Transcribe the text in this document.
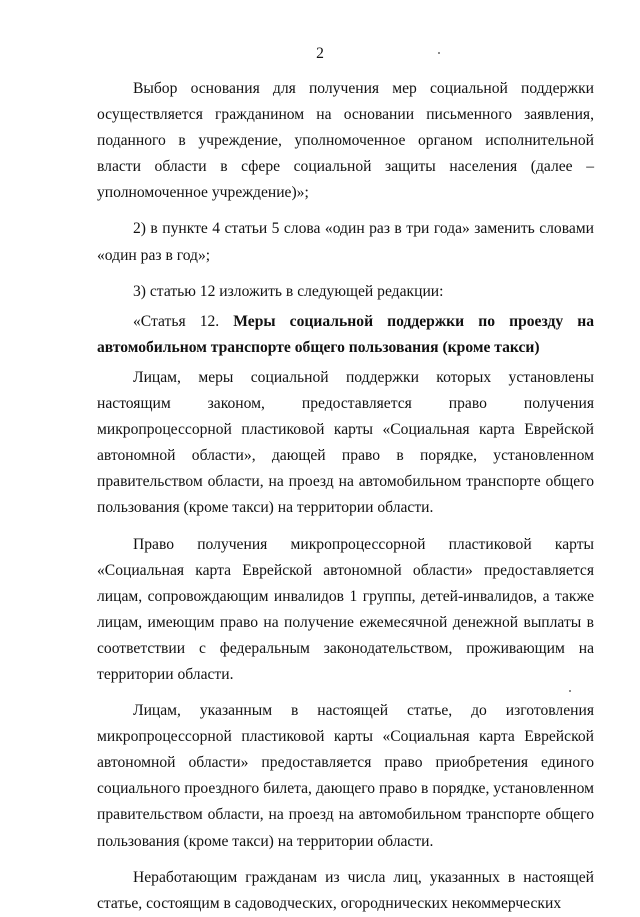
2

Выбор основания для получения мер социальной поддержки осуществляется гражданином на основании письменного заявления, поданного в учреждение, уполномоченное органом исполнительной власти области в сфере социальной защиты населения (далее – уполномоченное учреждение)»;

2) в пункте 4 статьи 5 слова «один раз в три года» заменить словами «один раз в год»;

3) статью 12 изложить в следующей редакции:

«Статья 12. Меры социальной поддержки по проезду на автомобильном транспорте общего пользования (кроме такси)

Лицам, меры социальной поддержки которых установлены настоящим законом, предоставляется право получения микропроцессорной пластиковой карты «Социальная карта Еврейской автономной области», дающей право в порядке, установленном правительством области, на проезд на автомобильном транспорте общего пользования (кроме такси) на территории области.

Право получения микропроцессорной пластиковой карты «Социальная карта Еврейской автономной области» предоставляется лицам, сопровождающим инвалидов 1 группы, детей-инвалидов, а также лицам, имеющим право на получение ежемесячной денежной выплаты в соответствии с федеральным законодательством, проживающим на территории области.

Лицам, указанным в настоящей статье, до изготовления микропроцессорной пластиковой карты «Социальная карта Еврейской автономной области» предоставляется право приобретения единого социального проездного билета, дающего право в порядке, установленном правительством области, на проезд на автомобильном транспорте общего пользования (кроме такси) на территории области.

Неработающим гражданам из числа лиц, указанных в настоящей статье, состоящим в садоводческих, огороднических некоммерческих
